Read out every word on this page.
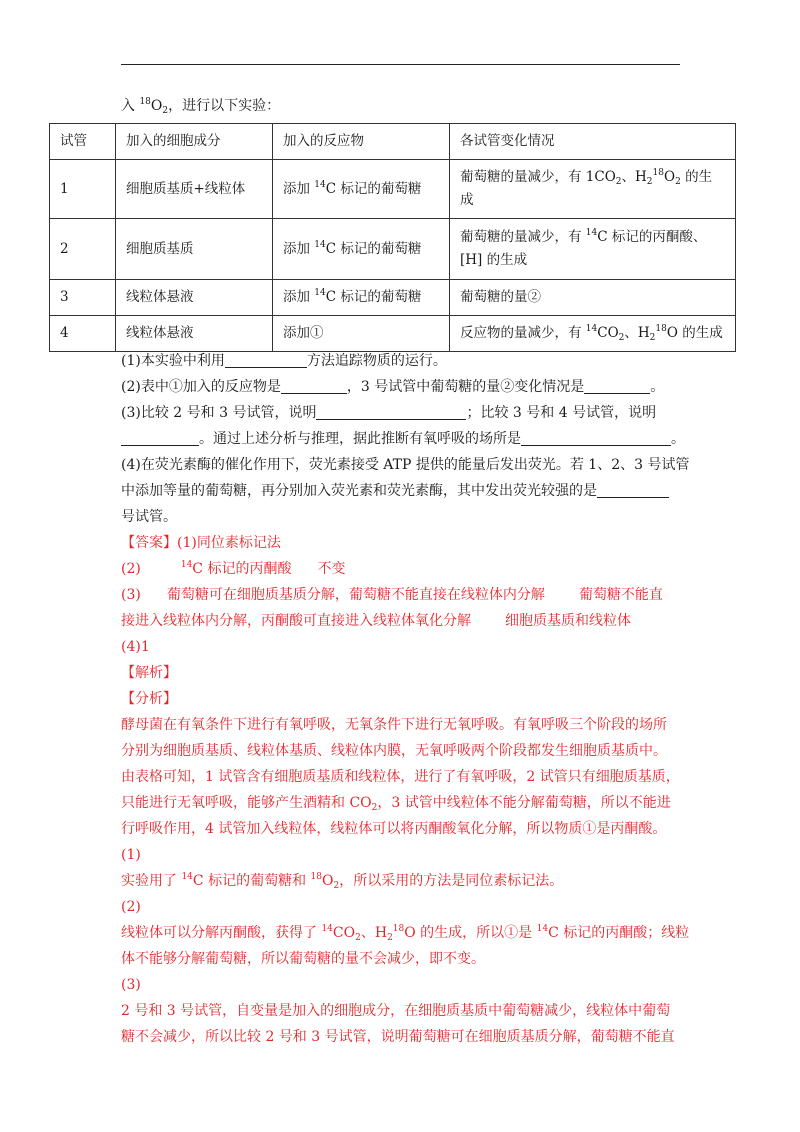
入 $^{18}O_2$，进行以下实验：
试管	加入的细胞成分	加入的反应物	各试管变化情况
1	细胞质基质+线粒体	添加 $^{14}$C 标记的葡萄糖	葡萄糖的量减少，有 $1CO_2$、$H_2^{18}O_2$ 的生成
2	细胞质基质	添加 $^{14}$C 标记的葡萄糖	葡萄糖的量减少，有 $^{14}$C 标记的丙酮酸、[H] 的生成
3	线粒体悬液	添加 $^{14}$C 标记的葡萄糖	葡萄糖的量②
4	线粒体悬液	添加①	反应物的量减少，有 $^{14}CO_2$、$H_2^{18}O$ 的生成
(1)本实验中利用	方法追踪物质的运行。
(2)表中①加入的反应物是	，3 号试管中葡萄糖的量②变化情况是	。
(3)比较 2 号和 3 号试管，说明	；比较 3 号和 4 号试管，说明
。通过上述分析与推理，据此推断有氧呼吸的场所是	。
(4)在荧光素酶的催化作用下，荧光素接受 ATP 提供的能量后发出荧光。若 1、2、3 号试管
中添加等量的葡萄糖，再分别加入荧光素和荧光素酶，其中发出荧光较强的是
号试管。
【答案】(1)同位素标记法
(2)	$^{14}$C 标记的丙酮酸 不变
(3) 葡萄糖可在细胞质基质分解，葡萄糖不能直接在线粒体内分解 葡萄糖不能直
接进入线粒体内分解，丙酮酸可直接进入线粒体氧化分解 细胞质基质和线粒体
(4)1
【解析】
【分析】
酵母菌在有氧条件下进行有氧呼吸，无氧条件下进行无氧呼吸。有氧呼吸三个阶段的场所
分别为细胞质基质、线粒体基质、线粒体内膜，无氧呼吸两个阶段都发生细胞质基质中。
由表格可知，1 试管含有细胞质基质和线粒体，进行了有氧呼吸，2 试管只有细胞质基质，
只能进行无氧呼吸，能够产生酒精和 $CO_2$，3 试管中线粒体不能分解葡萄糖，所以不能进
行呼吸作用，4 试管加入线粒体，线粒体可以将丙酮酸氧化分解，所以物质①是丙酮酸。
(1)
实验用了 $^{14}$C 标记的葡萄糖和 $^{18}O_2$，所以采用的方法是同位素标记法。
(2)
线粒体可以分解丙酮酸，获得了 $^{14}CO_2$、$H_2^{18}O$ 的生成，所以①是 $^{14}$C 标记的丙酮酸；线粒
体不能够分解葡萄糖，所以葡萄糖的量不会减少，即不变。
(3)
2 号和 3 号试管，自变量是加入的细胞成分，在细胞质基质中葡萄糖减少，线粒体中葡萄
糖不会减少，所以比较 2 号和 3 号试管，说明葡萄糖可在细胞质基质分解，葡萄糖不能直
